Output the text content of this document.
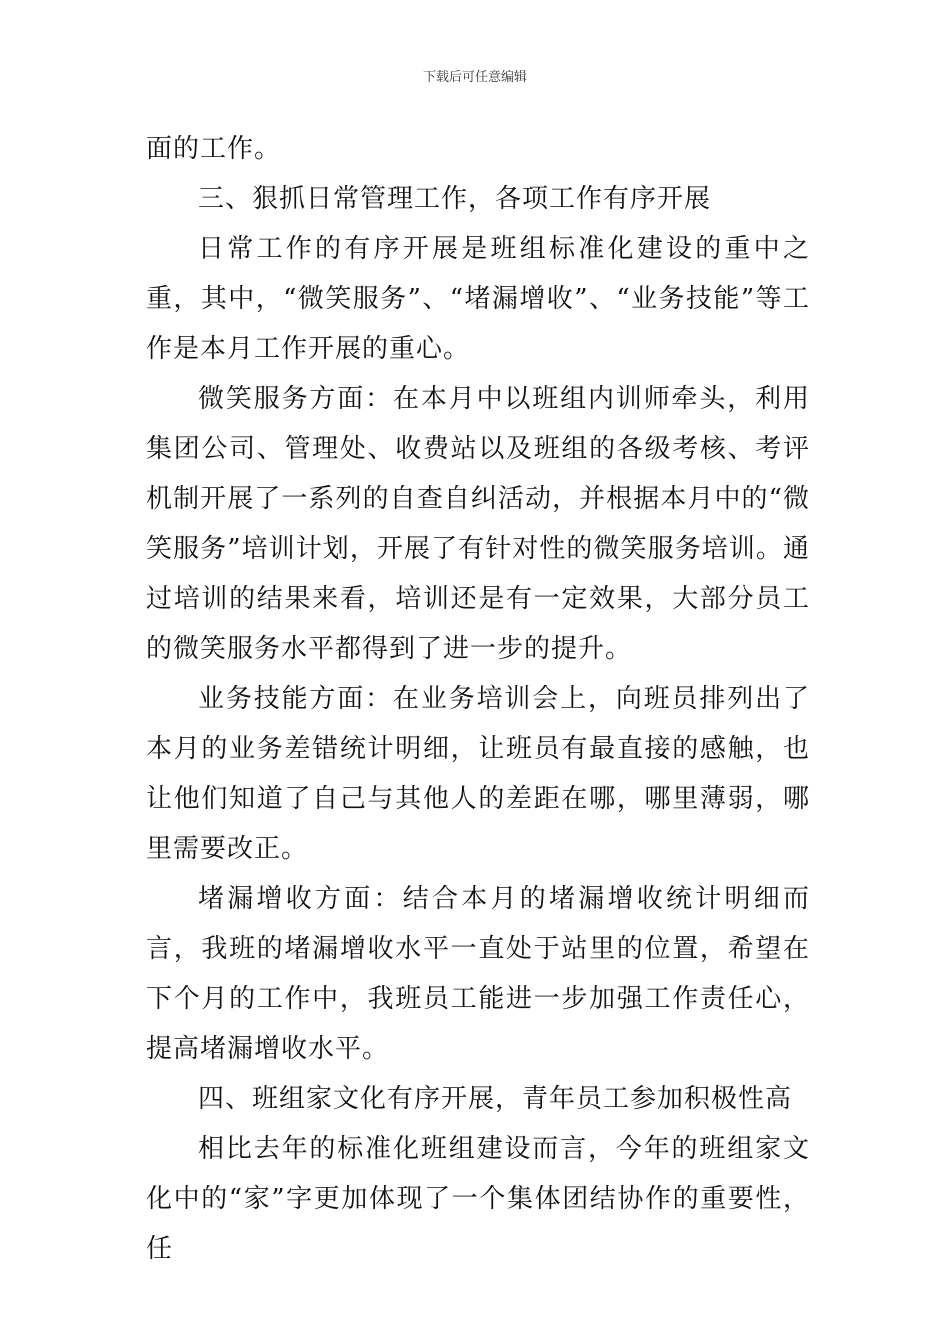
下载后可任意编辑

面的工作。

三、狠抓日常管理工作，各项工作有序开展

日常工作的有序开展是班组标准化建设的重中之重，其中，“微笑服务”、“堵漏增收”、“业务技能”等工作是本月工作开展的重心。

微笑服务方面：在本月中以班组内训师牵头，利用集团公司、管理处、收费站以及班组的各级考核、考评机制开展了一系列的自查自纠活动，并根据本月中的“微笑服务”培训计划，开展了有针对性的微笑服务培训。通过培训的结果来看，培训还是有一定效果，大部分员工的微笑服务水平都得到了进一步的提升。

业务技能方面：在业务培训会上，向班员排列出了本月的业务差错统计明细，让班员有最直接的感触，也让他们知道了自己与其他人的差距在哪，哪里薄弱，哪里需要改正。

堵漏增收方面：结合本月的堵漏增收统计明细而言，我班的堵漏增收水平一直处于站里的位置，希望在下个月的工作中，我班员工能进一步加强工作责任心，提高堵漏增收水平。

四、班组家文化有序开展，青年员工参加积极性高

相比去年的标准化班组建设而言，今年的班组家文化中的“家”字更加体现了一个集体团结协作的重要性，任
